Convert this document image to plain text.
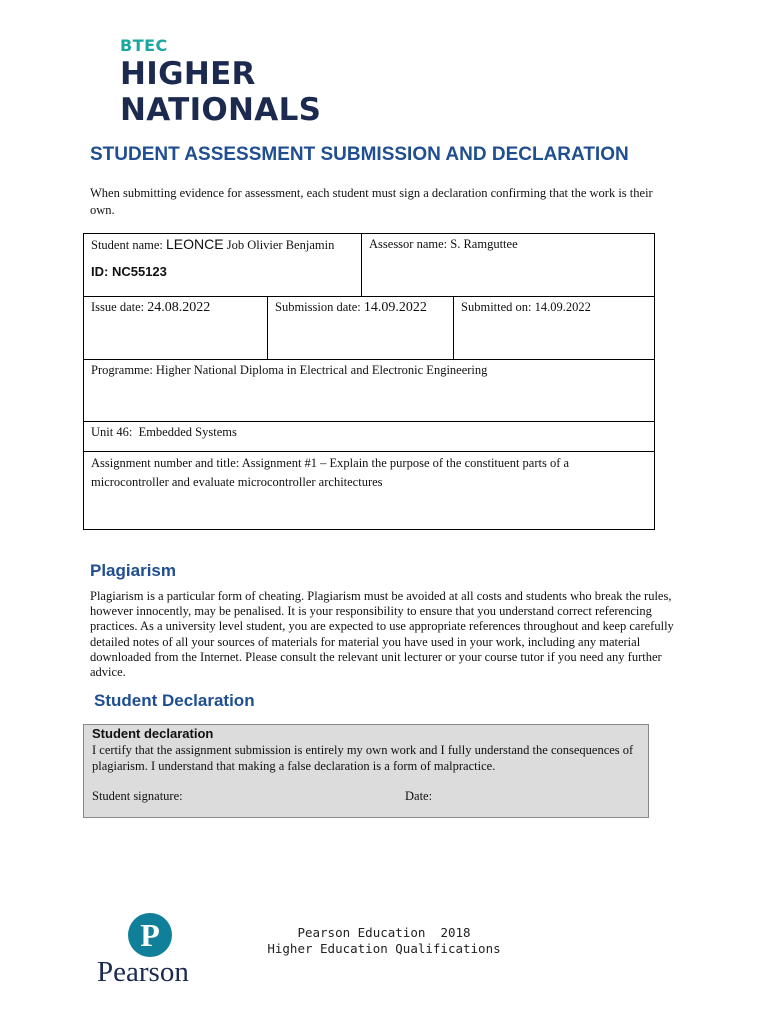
BTEC
HIGHER
NATIONALS
STUDENT ASSESSMENT SUBMISSION AND DECLARATION
When submitting evidence for assessment, each student must sign a declaration confirming that the work is their own.
Student name: LEONCE Job Olivier Benjamin
ID: NC55123		Assessor name: S. Ramguttee	
Issue date: 24.08.2022	Submission date: 14.09.2022		Submitted on: 14.09.2022
Programme: Higher National Diploma in Electrical and Electronic Engineering			
Unit 46:  Embedded Systems			
Assignment number and title: Assignment #1 – Explain the purpose of the constituent parts of a microcontroller and evaluate microcontroller architectures			
Plagiarism
Plagiarism is a particular form of cheating. Plagiarism must be avoided at all costs and students who break the rules, however innocently, may be penalised. It is your responsibility to ensure that you understand correct referencing practices. As a university level student, you are expected to use appropriate references throughout and keep carefully detailed notes of all your sources of materials for material you have used in your work, including any material downloaded from the Internet. Please consult the relevant unit lecturer or your course tutor if you need any further advice.
Student Declaration
Student declaration
I certify that the assignment submission is entirely my own work and I fully understand the consequences of plagiarism. I understand that making a false declaration is a form of malpractice.
Student signature:	Date:
P
Pearson
Pearson Education  2018
Higher Education Qualifications
